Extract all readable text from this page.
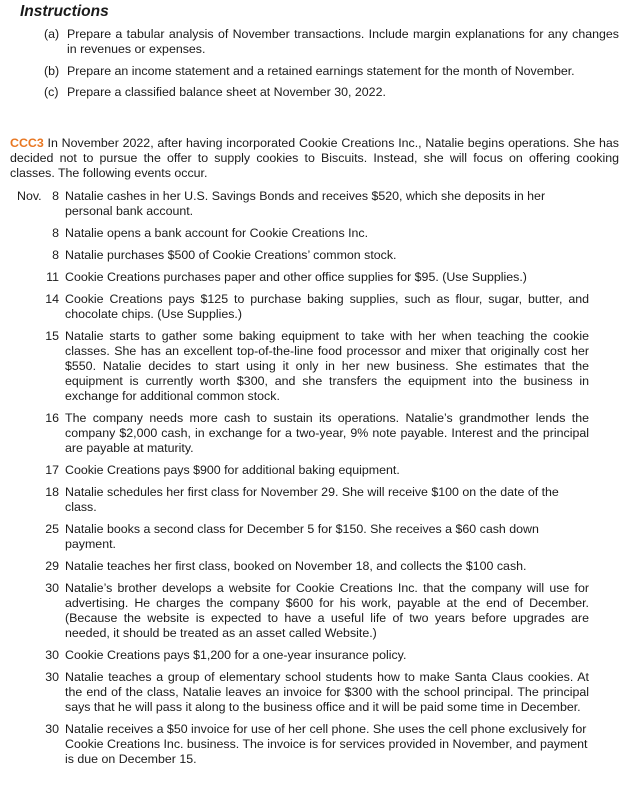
Instructions
(a) Prepare a tabular analysis of November transactions. Include margin explanations for any changes in revenues or expenses.
(b) Prepare an income statement and a retained earnings statement for the month of November.
(c) Prepare a classified balance sheet at November 30, 2022.

CCC3 In November 2022, after having incorporated Cookie Creations Inc., Natalie begins operations. She has decided not to pursue the offer to supply cookies to Biscuits. Instead, she will focus on offering cooking classes. The following events occur.

Nov. 8 Natalie cashes in her U.S. Savings Bonds and receives $520, which she deposits in her personal bank account.
8 Natalie opens a bank account for Cookie Creations Inc.
8 Natalie purchases $500 of Cookie Creations’ common stock.
11 Cookie Creations purchases paper and other office supplies for $95. (Use Supplies.)
14 Cookie Creations pays $125 to purchase baking supplies, such as flour, sugar, butter, and chocolate chips. (Use Supplies.)
15 Natalie starts to gather some baking equipment to take with her when teaching the cookie classes. She has an excellent top-of-the-line food processor and mixer that originally cost her $550. Natalie decides to start using it only in her new business. She estimates that the equipment is currently worth $300, and she transfers the equipment into the business in exchange for additional common stock.
16 The company needs more cash to sustain its operations. Natalie’s grandmother lends the company $2,000 cash, in exchange for a two-year, 9% note payable. Interest and the principal are payable at maturity.
17 Cookie Creations pays $900 for additional baking equipment.
18 Natalie schedules her first class for November 29. She will receive $100 on the date of the class.
25 Natalie books a second class for December 5 for $150. She receives a $60 cash down payment.
29 Natalie teaches her first class, booked on November 18, and collects the $100 cash.
30 Natalie’s brother develops a website for Cookie Creations Inc. that the company will use for advertising. He charges the company $600 for his work, payable at the end of December. (Because the website is expected to have a useful life of two years before upgrades are needed, it should be treated as an asset called Website.)
30 Cookie Creations pays $1,200 for a one-year insurance policy.
30 Natalie teaches a group of elementary school students how to make Santa Claus cookies. At the end of the class, Natalie leaves an invoice for $300 with the school principal. The principal says that he will pass it along to the business office and it will be paid some time in December.
30 Natalie receives a $50 invoice for use of her cell phone. She uses the cell phone exclusively for Cookie Creations Inc. business. The invoice is for services provided in November, and payment is due on December 15.
